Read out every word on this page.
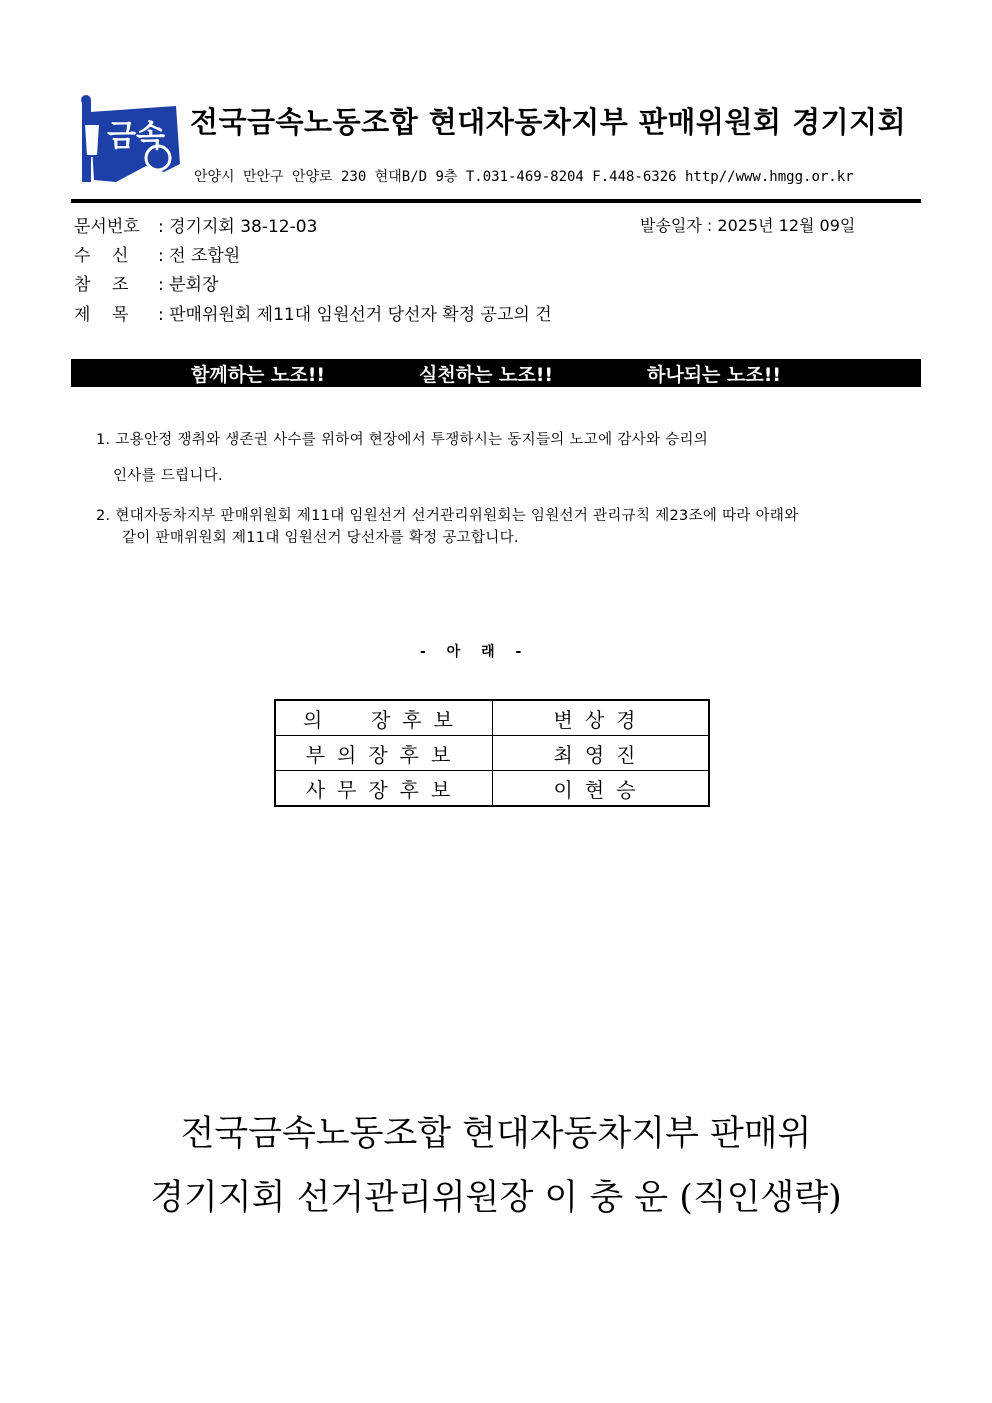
금속 전국금속노동조합 현대자동차지부 판매위원회 경기지회
안양시 만안구 안양로 230 현대B/D 9층 T.031-469-8204 F.448-6326 http//www.hmgg.or.kr
문서번호 : 경기지회 38-12-03	발송일자 : 2025년 12월 09일
수    신 : 전 조합원
참    조 : 분회장
제    목 : 판매위원회 제11대 임원선거 당선자 확정 공고의 건
함께하는 노조!!	실천하는 노조!!	하나되는 노조!!
1. 고용안정 쟁취와 생존권 사수를 위하여 현장에서 투쟁하시는 동지들의 노고에 감사와 승리의
인사를 드립니다.
2. 현대자동차지부 판매위원회 제11대 임원선거 선거관리위원회는 임원선거 관리규칙 제23조에 따라 아래와
같이 판매위원회 제11대 임원선거 당선자를 확정 공고합니다.
- 아 래 -
의  장후보	변상경
부의장후보	최영진
사무장후보	이현승
전국금속노동조합 현대자동차지부 판매위
경기지회 선거관리위원장 이 충 운 (직인생략)
